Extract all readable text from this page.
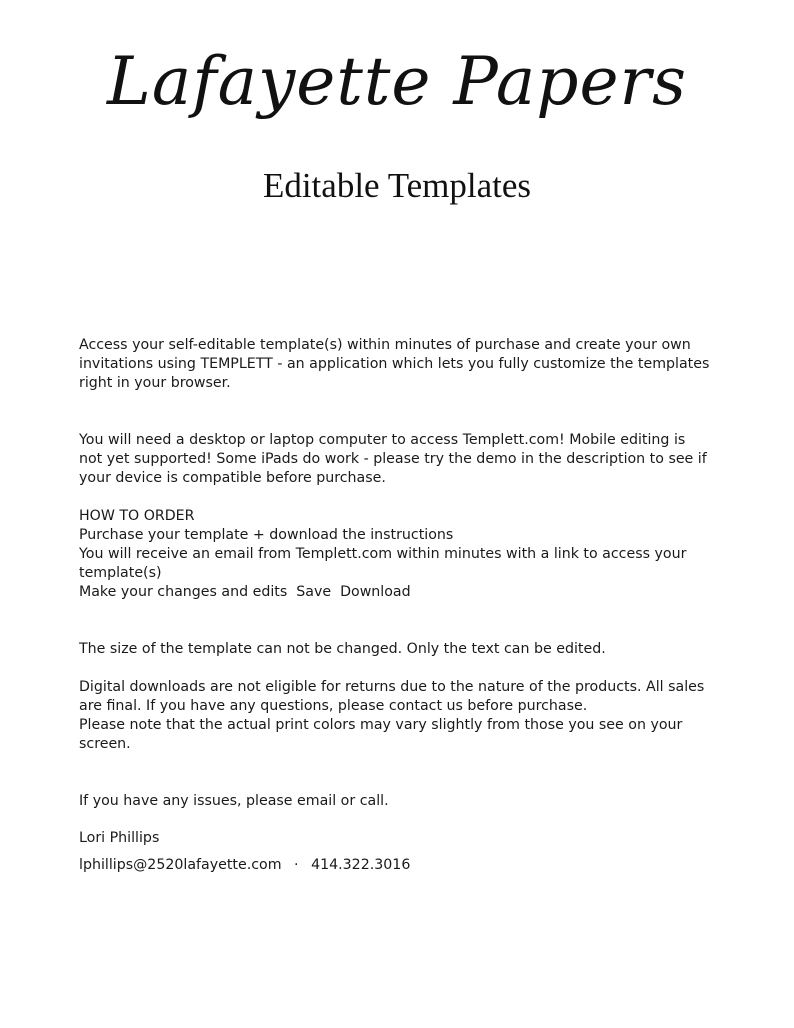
Lafayette Papers
Editable Templates

Access your self-editable template(s) within minutes of purchase and create your own

invitations using TEMPLETT - an application which lets you fully customize the templates

right in your browser.

You will need a desktop or laptop computer to access Templett.com! Mobile editing is

not yet supported! Some iPads do work - please try the demo in the description to see if

your device is compatible before purchase.

HOW TO ORDER

Purchase your template + download the instructions

You will receive an email from Templett.com within minutes with a link to access your

template(s)

Make your changes and edits  Save  Download

The size of the template can not be changed. Only the text can be edited.

Digital downloads are not eligible for returns due to the nature of the products. All sales

are final. If you have any questions, please contact us before purchase.

Please note that the actual print colors may vary slightly from those you see on your

screen.

If you have any issues, please email or call.

Lori Phillips

lphillips@2520lafayette.com · 414.322.3016
